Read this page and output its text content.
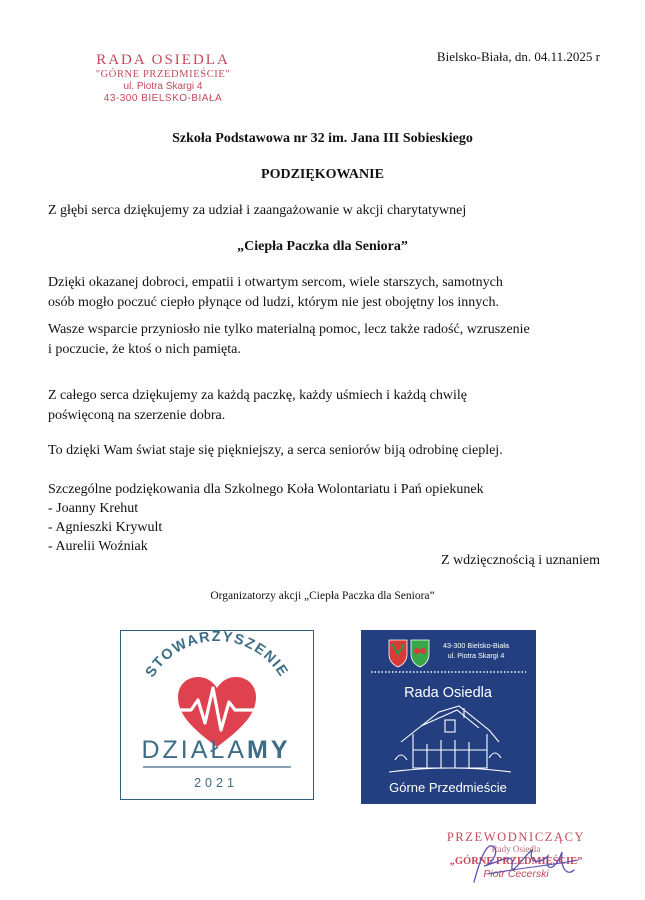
RADA OSIEDLA
"GÓRNE PRZEDMIEŚCIE"
ul. Piotra Skargi 4
43-300 BIELSKO-BIAŁA
Bielsko-Biała, dn. 04.11.2025 r
Szkoła Podstawowa nr 32 im. Jana III Sobieskiego
PODZIĘKOWANIE
Z głębi serca dziękujemy za udział i zaangażowanie w akcji charytatywnej
„Ciepła Paczka dla Seniora”
Dzięki okazanej dobroci, empatii i otwartym sercom, wiele starszych, samotnych
osób mogło poczuć ciepło płynące od ludzi, którym nie jest obojętny los innych.
Wasze wsparcie przyniosło nie tylko materialną pomoc, lecz także radość, wzruszenie
i poczucie, że ktoś o nich pamięta.
Z całego serca dziękujemy za każdą paczkę, każdy uśmiech i każdą chwilę
poświęconą na szerzenie dobra.
To dzięki Wam świat staje się piękniejszy, a serca seniorów biją odrobinę cieplej.
Szczególne podziękowania dla Szkolnego Koła Wolontariatu i Pań opiekunek
- Joanny Krehut
- Agnieszki Krywult
- Aurelii Woźniak
Z wdzięcznością i uznaniem
Organizatorzy akcji „Ciepła Paczka dla Seniora”
STOWARZYSZENIE
DZIAŁAMY
2021
43-300 Bielsko-Biała
ul. Piotra Skargi 4
Rada Osiedla
Górne Przedmieście
PRZEWODNICZĄCY
Rady Osiedla
„GÓRNE PRZEDMIEŚCIE”
Piotr Cecerski
